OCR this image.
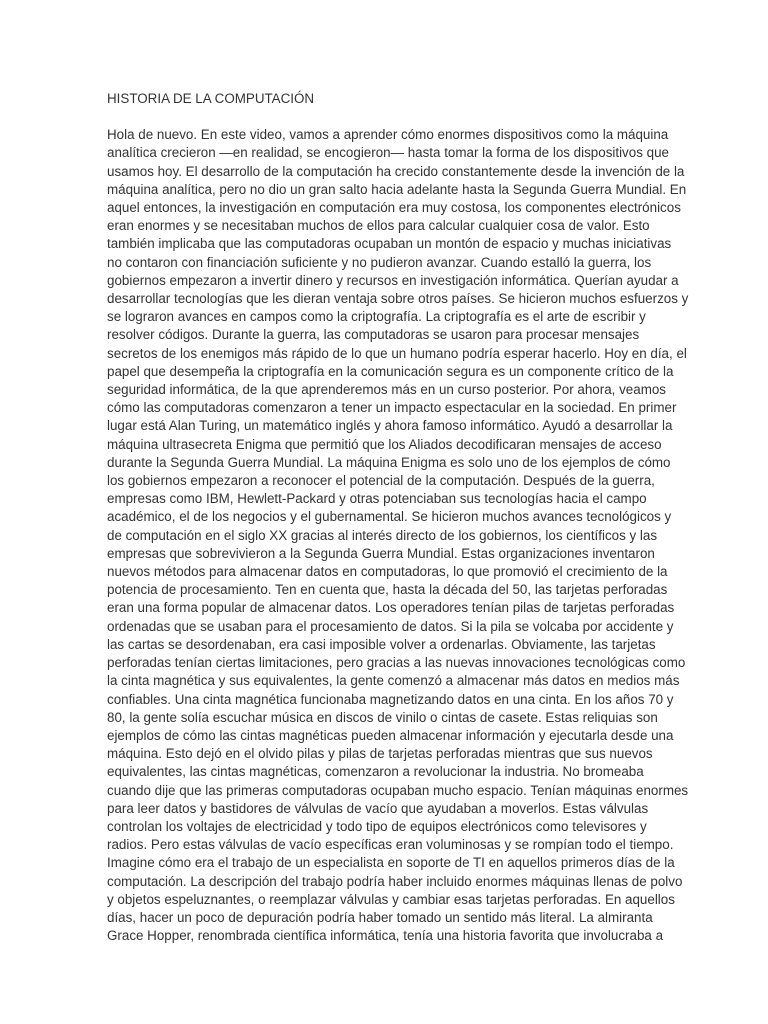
HISTORIA DE LA COMPUTACIÓN
Hola de nuevo. En este video, vamos a aprender cómo enormes dispositivos como la máquina
analítica crecieron —en realidad, se encogieron— hasta tomar la forma de los dispositivos que
usamos hoy. El desarrollo de la computación ha crecido constantemente desde la invención de la
máquina analítica, pero no dio un gran salto hacia adelante hasta la Segunda Guerra Mundial. En
aquel entonces, la investigación en computación era muy costosa, los componentes electrónicos
eran enormes y se necesitaban muchos de ellos para calcular cualquier cosa de valor. Esto
también implicaba que las computadoras ocupaban un montón de espacio y muchas iniciativas
no contaron con financiación suficiente y no pudieron avanzar. Cuando estalló la guerra, los
gobiernos empezaron a invertir dinero y recursos en investigación informática. Querían ayudar a
desarrollar tecnologías que les dieran ventaja sobre otros países. Se hicieron muchos esfuerzos y
se lograron avances en campos como la criptografía. La criptografía es el arte de escribir y
resolver códigos. Durante la guerra, las computadoras se usaron para procesar mensajes
secretos de los enemigos más rápido de lo que un humano podría esperar hacerlo. Hoy en día, el
papel que desempeña la criptografía en la comunicación segura es un componente crítico de la
seguridad informática, de la que aprenderemos más en un curso posterior. Por ahora, veamos
cómo las computadoras comenzaron a tener un impacto espectacular en la sociedad. En primer
lugar está Alan Turing, un matemático inglés y ahora famoso informático. Ayudó a desarrollar la
máquina ultrasecreta Enigma que permitió que los Aliados decodificaran mensajes de acceso
durante la Segunda Guerra Mundial. La máquina Enigma es solo uno de los ejemplos de cómo
los gobiernos empezaron a reconocer el potencial de la computación. Después de la guerra,
empresas como IBM, Hewlett-Packard y otras potenciaban sus tecnologías hacia el campo
académico, el de los negocios y el gubernamental. Se hicieron muchos avances tecnológicos y
de computación en el siglo XX gracias al interés directo de los gobiernos, los científicos y las
empresas que sobrevivieron a la Segunda Guerra Mundial. Estas organizaciones inventaron
nuevos métodos para almacenar datos en computadoras, lo que promovió el crecimiento de la
potencia de procesamiento. Ten en cuenta que, hasta la década del 50, las tarjetas perforadas
eran una forma popular de almacenar datos. Los operadores tenían pilas de tarjetas perforadas
ordenadas que se usaban para el procesamiento de datos. Si la pila se volcaba por accidente y
las cartas se desordenaban, era casi imposible volver a ordenarlas. Obviamente, las tarjetas
perforadas tenían ciertas limitaciones, pero gracias a las nuevas innovaciones tecnológicas como
la cinta magnética y sus equivalentes, la gente comenzó a almacenar más datos en medios más
confiables. Una cinta magnética funcionaba magnetizando datos en una cinta. En los años 70 y
80, la gente solía escuchar música en discos de vinilo o cintas de casete. Estas reliquias son
ejemplos de cómo las cintas magnéticas pueden almacenar información y ejecutarla desde una
máquina. Esto dejó en el olvido pilas y pilas de tarjetas perforadas mientras que sus nuevos
equivalentes, las cintas magnéticas, comenzaron a revolucionar la industria. No bromeaba
cuando dije que las primeras computadoras ocupaban mucho espacio. Tenían máquinas enormes
para leer datos y bastidores de válvulas de vacío que ayudaban a moverlos. Estas válvulas
controlan los voltajes de electricidad y todo tipo de equipos electrónicos como televisores y
radios. Pero estas válvulas de vacío específicas eran voluminosas y se rompían todo el tiempo.
Imagine cómo era el trabajo de un especialista en soporte de TI en aquellos primeros días de la
computación. La descripción del trabajo podría haber incluido enormes máquinas llenas de polvo
y objetos espeluznantes, o reemplazar válvulas y cambiar esas tarjetas perforadas. En aquellos
días, hacer un poco de depuración podría haber tomado un sentido más literal. La almiranta
Grace Hopper, renombrada científica informática, tenía una historia favorita que involucraba a
